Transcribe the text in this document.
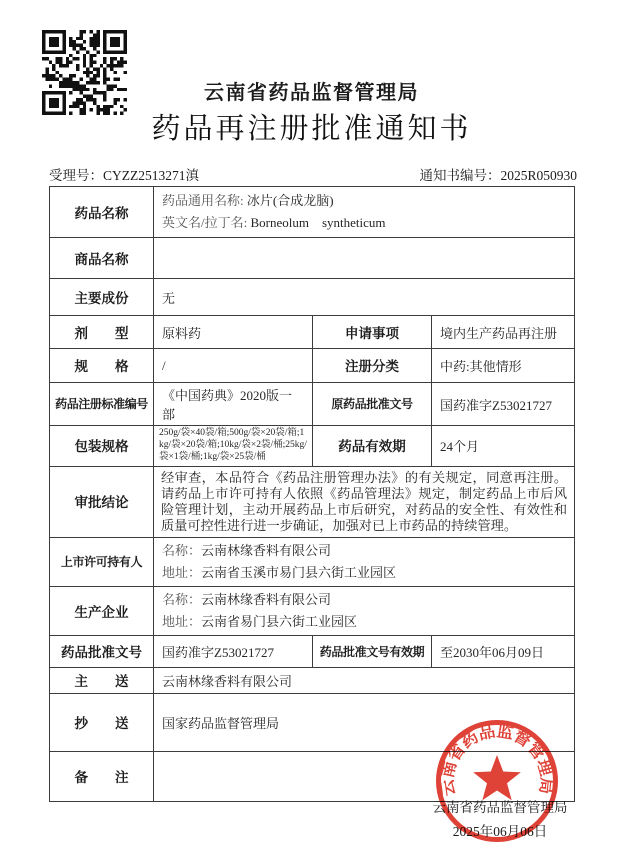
云南省药品监督管理局
药品再注册批准通知书
受理号：CYZZ2513271滇	通知书编号：2025R050930
药品名称	药品通用名称: 冰片(合成龙脑)
英文名/拉丁名: Borneolum    syntheticum		

商品名称			
主要成份	无		
剂　　型	原料药	申请事项	境内生产药品再注册
规　　格	/	注册分类	中药:其他情形
药品注册标准编号	《中国药典》2020版一部	原药品批准文号	国药准字Z53021727
包装规格	250g/袋×40袋/箱;500g/袋×20袋/箱;1kg/袋×20袋/箱;10kg/袋×2袋/桶;25kg/袋×1袋/桶;1kg/袋×25袋/桶	药品有效期	24个月
审批结论	经审查，本品符合《药品注册管理办法》的有关规定，同意再注册。请药品上市许可持有人依照《药品管理法》规定，制定药品上市后风险管理计划，主动开展药品上市后研究，对药品的安全性、有效性和质量可控性进行进一步确证，加强对已上市药品的持续管理。		

上市许可持有人	名称：云南林缘香料有限公司
地址：云南省玉溪市易门县六街工业园区		

生产企业	名称：云南林缘香料有限公司
地址：云南省易门县六街工业园区		

药品批准文号	国药准字Z53021727	药品批准文号有效期	至2030年06月09日
主　　送	云南林缘香料有限公司		
抄　　送	国家药品监督管理局		
备　　注			
云南省药品监督管理局
2025年06月06日
云南省药品监督管理局
